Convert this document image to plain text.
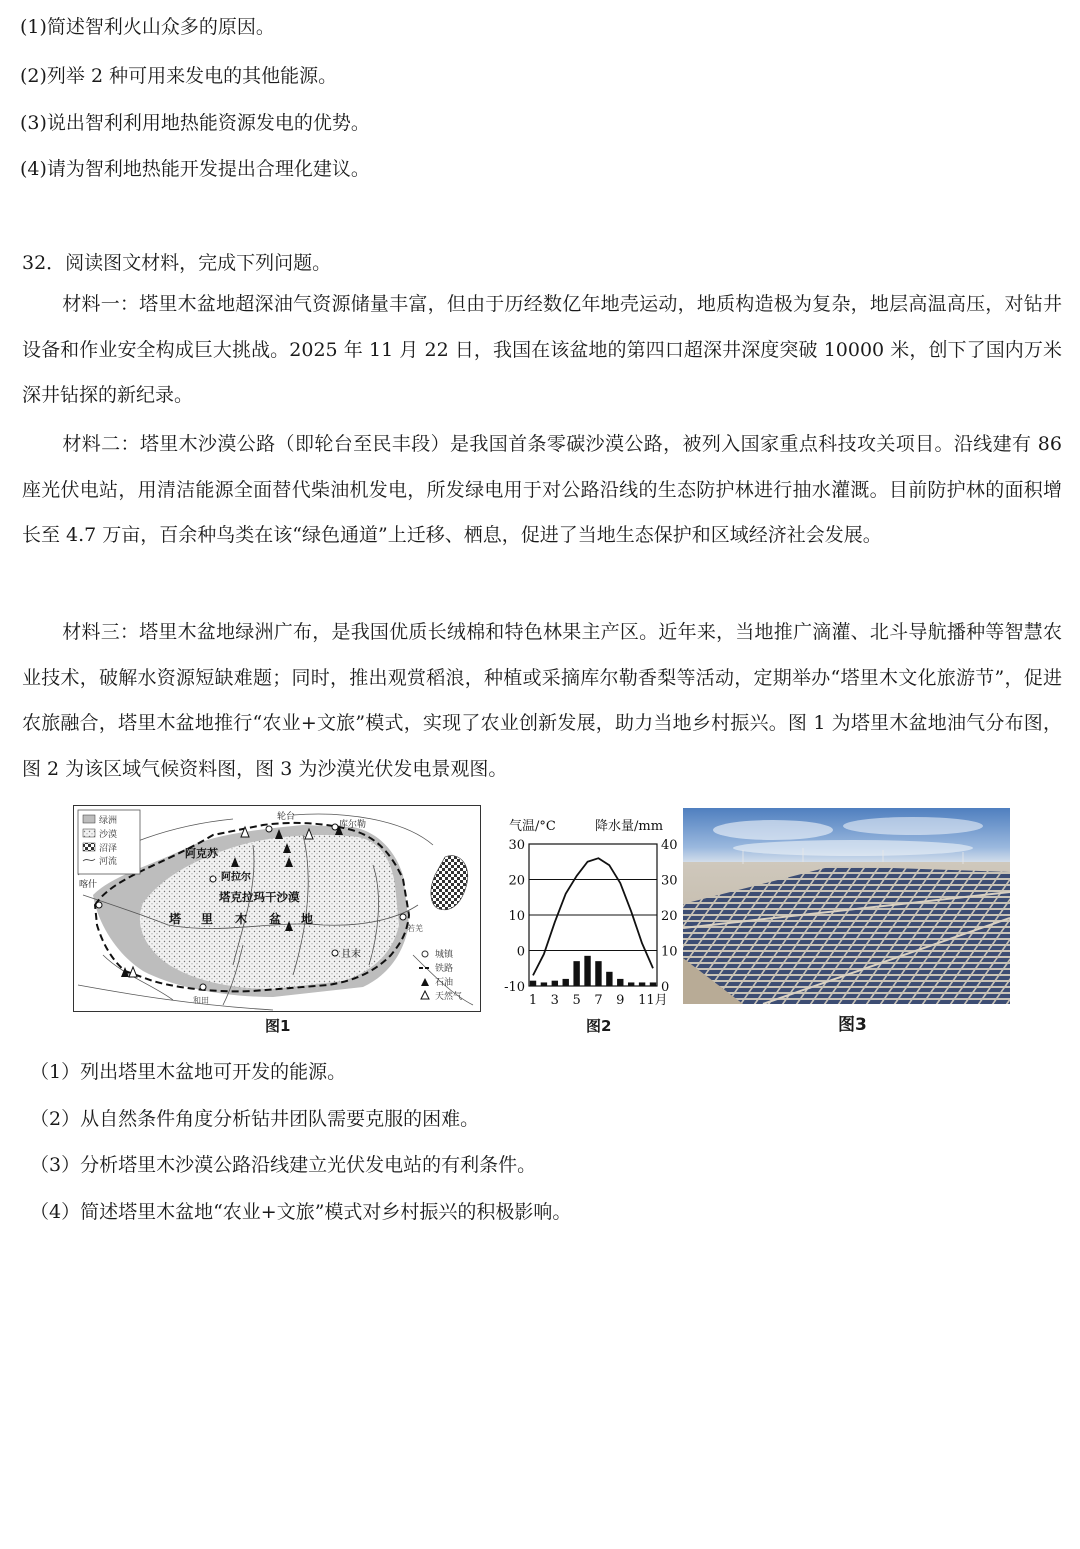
(1)简述智利火山众多的原因。
(2)列举 2 种可用来发电的其他能源。
(3)说出智利利用地热能资源发电的优势。
(4)请为智利地热能开发提出合理化建议。
32．阅读图文材料，完成下列问题。
材料一：塔里木盆地超深油气资源储量丰富，但由于历经数亿年地壳运动，地质构造极为复杂，地层高温高压，对钻井设备和作业安全构成巨大挑战。2025 年 11 月 22 日，我国在该盆地的第四口超深井深度突破 10000 米，创下了国内万米深井钻探的新纪录。
材料二：塔里木沙漠公路（即轮台至民丰段）是我国首条零碳沙漠公路，被列入国家重点科技攻关项目。沿线建有 86 座光伏电站，用清洁能源全面替代柴油机发电，所发绿电用于对公路沿线的生态防护林进行抽水灌溉。目前防护林的面积增长至 4.7 万亩，百余种鸟类在该“绿色通道”上迁移、栖息，促进了当地生态保护和区域经济社会发展。
材料三：塔里木盆地绿洲广布，是我国优质长绒棉和特色林果主产区。近年来，当地推广滴灌、北斗导航播种等智慧农业技术，破解水资源短缺难题；同时，推出观赏稻浪，种植或采摘库尔勒香梨等活动，定期举办“塔里木文化旅游节”，促进农旅融合，塔里木盆地推行“农业+文旅”模式，实现了农业创新发展，助力当地乡村振兴。图 1 为塔里木盆地油气分布图，图 2 为该区域气候资料图，图 3 为沙漠光伏发电景观图。
绿洲
沙漠
沼泽
河流
城镇
铁路
石油
天然气
轮台
库尔勒
阿克苏
阿拉尔
喀什
塔克拉玛干沙漠
塔 里 木 盆 地
若羌
且末
和田
图1
气温/°C	降水量/mm
30
20
10
0
-10
40
30
20
10
0
1 3 5 7 9 11月
图2	图3
（1）列出塔里木盆地可开发的能源。
（2）从自然条件角度分析钻井团队需要克服的困难。
（3）分析塔里木沙漠公路沿线建立光伏发电站的有利条件。
（4）简述塔里木盆地“农业+文旅”模式对乡村振兴的积极影响。
